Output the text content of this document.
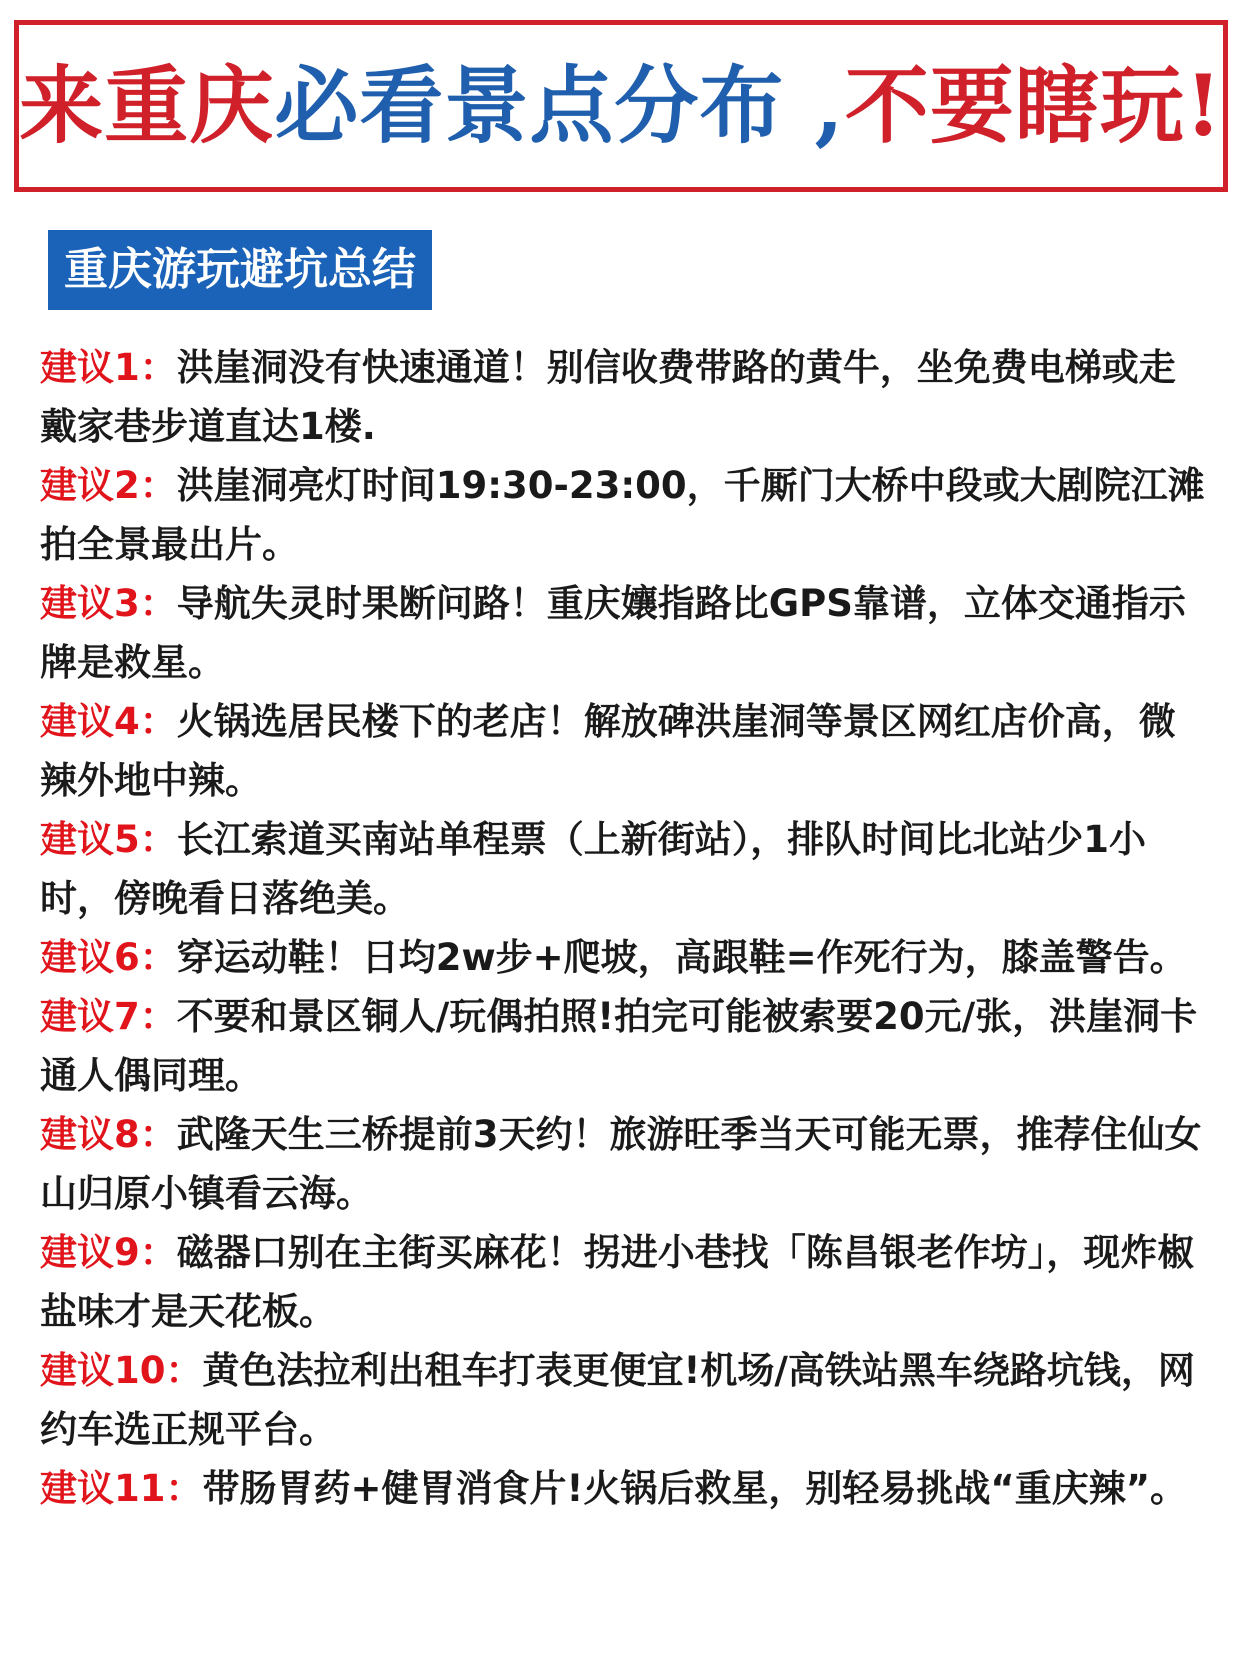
来重庆必看景点分布 ,不要瞎玩!
重庆游玩避坑总结
建议1：洪崖洞没有快速通道！别信收费带路的黄牛，坐免费电梯或走戴家巷步道直达1楼.
建议2：洪崖洞亮灯时间19:30-23:00，千厮门大桥中段或大剧院江滩拍全景最出片。
建议3：导航失灵时果断问路！重庆孃指路比GPS靠谱，立体交通指示牌是救星。
建议4：火锅选居民楼下的老店！解放碑洪崖洞等景区网红店价高，微辣外地中辣。
建议5：长江索道买南站单程票（上新街站），排队时间比北站少1小时，傍晚看日落绝美。
建议6：穿运动鞋！日均2w步+爬坡，高跟鞋=作死行为，膝盖警告。
建议7：不要和景区铜人/玩偶拍照!拍完可能被索要20元/张，洪崖洞卡通人偶同理。
建议8：武隆天生三桥提前3天约！旅游旺季当天可能无票，推荐住仙女山归原小镇看云海。
建议9：磁器口别在主街买麻花！拐进小巷找「陈昌银老作坊」，现炸椒盐味才是天花板。
建议10：黄色法拉利出租车打表更便宜!机场/高铁站黑车绕路坑钱，网约车选正规平台。
建议11：带肠胃药+健胃消食片!火锅后救星，别轻易挑战“重庆辣”。
